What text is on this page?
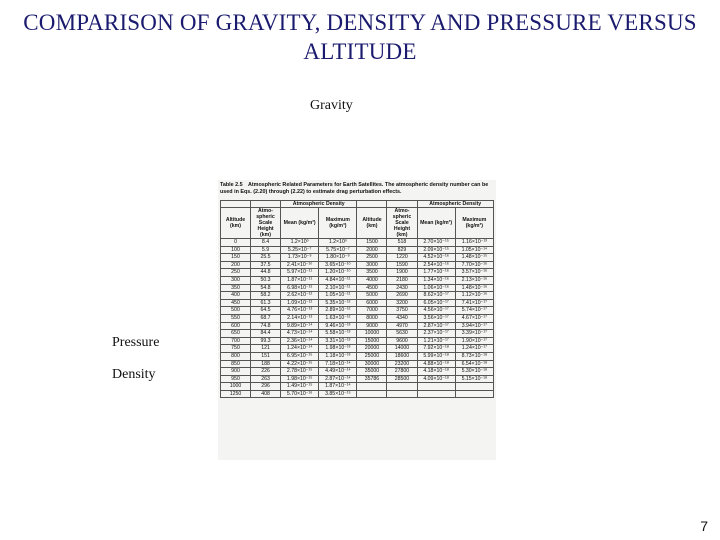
COMPARISON OF GRAVITY, DENSITY AND PRESSURE VERSUS ALTITUDE
Gravity
Pressure
Density
Table 2.5 Atmospheric Related Parameters for Earth Satellites. The atmospheric density number can be used in Eqs. (2.20) through (2.22) to estimate drag perturbation effects.
		Atmospheric Density				Atmospheric Density	
Altitude (km)	Atmo-spheric Scale Height (km)	Mean (kg/m³)	Maximum (kg/m³)	Altitude (km)	Atmo-spheric Scale Height (km)	Mean (kg/m³)	Maximum (kg/m³)
0	8.4	1.2×10⁰	1.2×10⁰	1500	518	2.70×10⁻¹⁵	1.16×10⁻¹³
100	5.9	5.25×10⁻⁷	5.75×10⁻⁷	2000	829	2.09×10⁻¹⁵	1.05×10⁻¹⁴
150	25.5	1.73×10⁻⁹	1.80×10⁻⁹	2500	1220	4.52×10⁻¹⁶	1.48×10⁻¹⁵
200	37.5	2.41×10⁻¹⁰	3.65×10⁻¹⁰	3000	1590	2.54×10⁻¹⁶	7.70×10⁻¹⁶
250	44.8	5.97×10⁻¹¹	1.20×10⁻¹⁰	3500	1900	1.77×10⁻¹⁶	3.57×10⁻¹⁶
300	50.3	1.87×10⁻¹¹	4.84×10⁻¹¹	4000	2180	1.34×10⁻¹⁶	2.13×10⁻¹⁶
350	54.8	6.98×10⁻¹²	2.10×10⁻¹¹	4500	2430	1.06×10⁻¹⁶	1.48×10⁻¹⁶
400	58.2	2.62×10⁻¹²	1.05×10⁻¹¹	5000	2690	8.62×10⁻¹⁷	1.12×10⁻¹⁶
450	61.3	1.09×10⁻¹²	5.35×10⁻¹²	6000	3200	6.05×10⁻¹⁷	7.41×10⁻¹⁷
500	64.5	4.76×10⁻¹³	2.89×10⁻¹²	7000	3750	4.56×10⁻¹⁷	5.74×10⁻¹⁷
550	68.7	2.14×10⁻¹³	1.63×10⁻¹²	8000	4340	3.56×10⁻¹⁷	4.67×10⁻¹⁷
600	74.8	9.89×10⁻¹⁴	9.46×10⁻¹³	9000	4970	2.87×10⁻¹⁷	3.94×10⁻¹⁷
650	84.4	4.73×10⁻¹⁴	5.58×10⁻¹³	10000	5630	2.37×10⁻¹⁷	3.39×10⁻¹⁷
700	99.3	2.36×10⁻¹⁴	3.31×10⁻¹³	15000	9600	1.21×10⁻¹⁷	1.90×10⁻¹⁷
750	121	1.24×10⁻¹⁴	1.98×10⁻¹³	20000	14000	7.92×10⁻¹⁸	1.24×10⁻¹⁷
800	151	6.95×10⁻¹⁵	1.18×10⁻¹³	25000	18600	5.99×10⁻¹⁸	8.73×10⁻¹⁸
850	188	4.22×10⁻¹⁵	7.18×10⁻¹⁴	30000	23200	4.88×10⁻¹⁸	6.54×10⁻¹⁸
900	226	2.78×10⁻¹⁵	4.49×10⁻¹⁴	35000	27800	4.18×10⁻¹⁸	5.30×10⁻¹⁸
950	263	1.98×10⁻¹⁵	2.87×10⁻¹⁴	35786	28500	4.09×10⁻¹⁸	5.15×10⁻¹⁸
1000	296	1.49×10⁻¹⁵	1.87×10⁻¹⁴				
1250	408	5.70×10⁻¹⁶	3.85×10⁻¹⁵				
7
